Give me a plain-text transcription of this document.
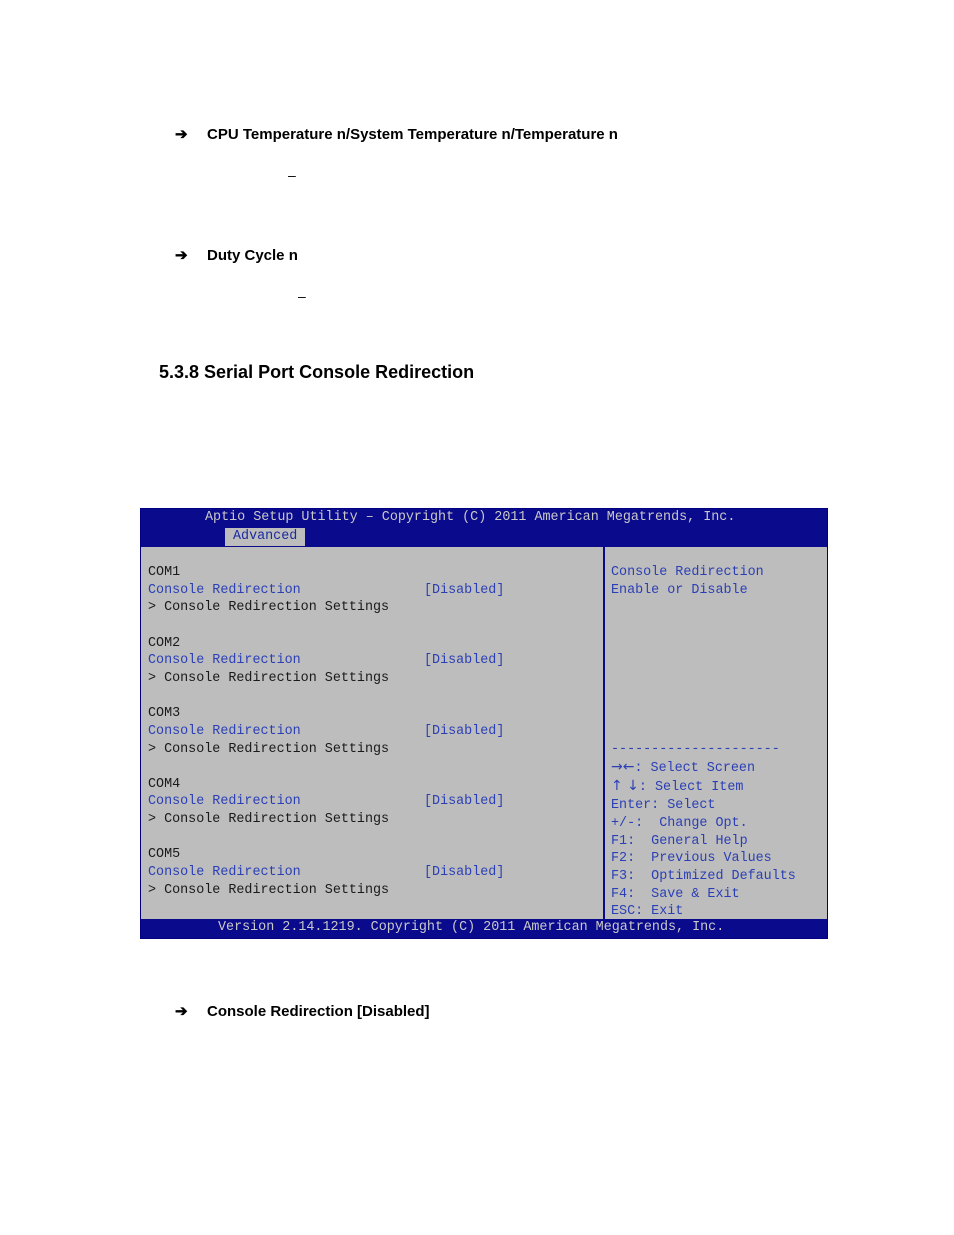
➔	CPU Temperature n/System Temperature n/Temperature n
–
➔	Duty Cycle n
–
5.3.8 Serial Port Console Redirection
Aptio Setup Utility – Copyright (C) 2011 American Megatrends, Inc.
Advanced
COM1
Console Redirection	[Disabled]
> Console Redirection Settings
COM2
Console Redirection	[Disabled]
> Console Redirection Settings
COM3
Console Redirection	[Disabled]
> Console Redirection Settings
COM4
Console Redirection	[Disabled]
> Console Redirection Settings
COM5
Console Redirection	[Disabled]
> Console Redirection Settings
Console Redirection
Enable or Disable
---------------------
→←: Select Screen
↑ ↓: Select Item
Enter: Select
+/-:  Change Opt.
F1:  General Help
F2:  Previous Values
F3:  Optimized Defaults
F4:  Save & Exit
ESC: Exit
Version 2.14.1219. Copyright (C) 2011 American Megatrends, Inc.
➔	Console Redirection [Disabled]
